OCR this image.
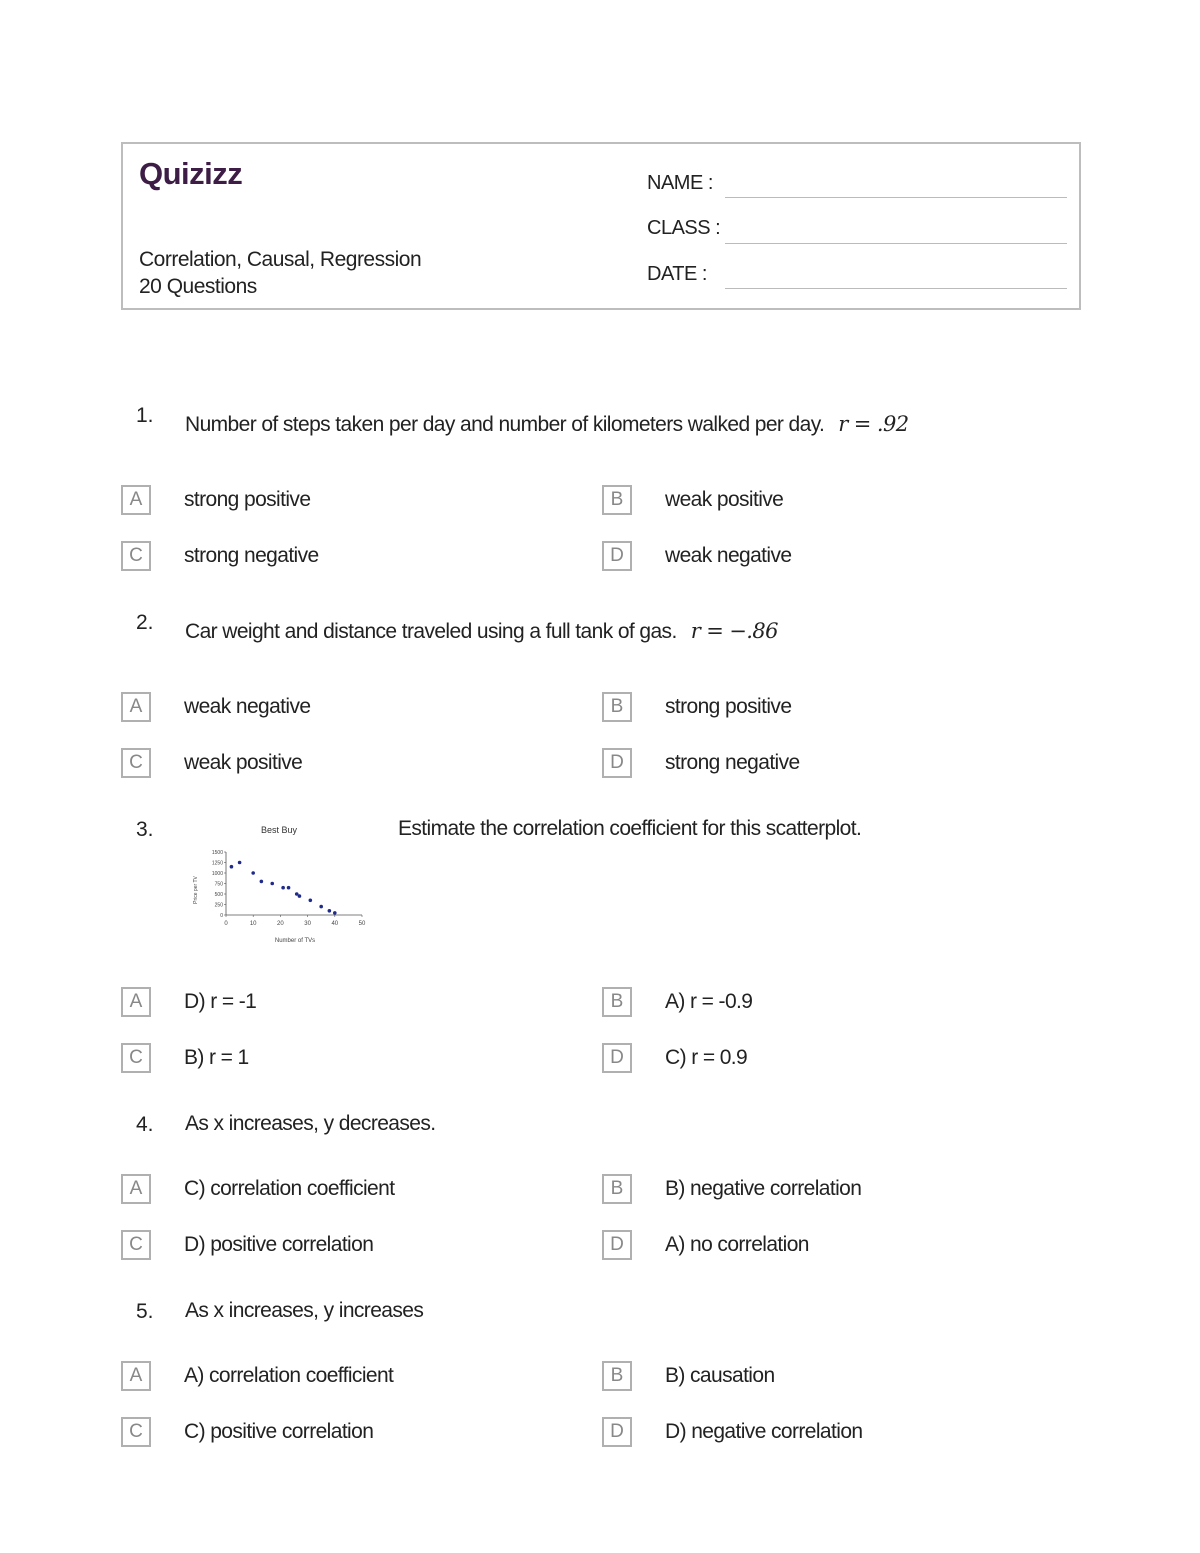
Quizizz
Correlation, Causal, Regression
20 Questions
NAME :
CLASS :
DATE :
1. Number of steps taken per day and number of kilometers walked per day. r = .92
A	strong positive	B	weak positive
C	strong negative	D	weak negative
2. Car weight and distance traveled using a full tank of gas. r = −.86
A	weak negative	B	strong positive
C	weak positive	D	strong negative
3.	Estimate the correlation coefficient for this scatterplot.
Best Buy
Price per TV
Number of TVs
0	10	20	30	40	50
0
250
500
750
1000
1250
1500
A	D) r = -1	B	A) r = -0.9
C	B) r = 1	D	C) r = 0.9
4. As x increases, y decreases.
A	C) correlation coefficient	B	B) negative correlation
C	D) positive correlation	D	A) no correlation
5. As x increases, y increases
A	A) correlation coefficient	B	B) causation
C	C) positive correlation	D	D) negative correlation
